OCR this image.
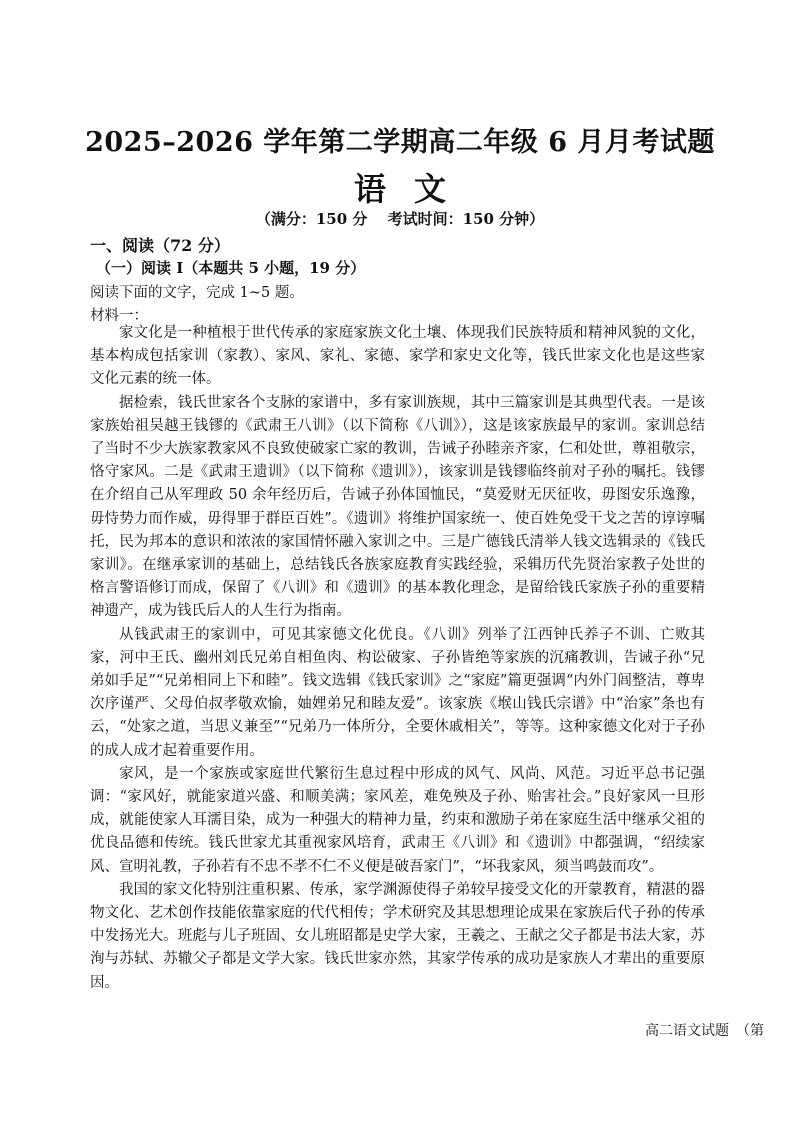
2025–2026 学年第二学期高二年级 6 月月考试题
语文
（满分：150 分　 考试时间：150 分钟）
一、阅读（72 分）
（一）阅读 I（本题共 5 小题，19 分）
阅读下面的文字，完成 1~5 题。
材料一：

家文化是一种植根于世代传承的家庭家族文化土壤、体现我们民族特质和精神风貌的文化，基本构成包括家训（家教）、家风、家礼、家德、家学和家史文化等，钱氏世家文化也是这些家文化元素的统一体。

据检索，钱氏世家各个支脉的家谱中，多有家训族规，其中三篇家训是其典型代表。一是该家族始祖吴越王钱镠的《武肃王八训》（以下简称《八训》），这是该家族最早的家训。家训总结了当时不少大族家教家风不良致使破家亡家的教训，告诫子孙睦亲齐家，仁和处世，尊祖敬宗，恪守家风。二是《武肃王遗训》（以下简称《遗训》），该家训是钱镠临终前对子孙的嘱托。钱镠在介绍自己从军理政 50 余年经历后，告诫子孙体国恤民，“莫爱财无厌征收，毋图安乐逸豫，毋恃势力而作威，毋得罪于群臣百姓”。《遗训》将维护国家统一、使百姓免受干戈之苦的谆谆嘱托，民为邦本的意识和浓浓的家国情怀融入家训之中。三是广德钱氏清举人钱文选辑录的《钱氏家训》。在继承家训的基础上，总结钱氏各族家庭教育实践经验，采辑历代先贤治家教子处世的格言警语修订而成，保留了《八训》和《遗训》的基本教化理念，是留给钱氏家族子孙的重要精神遗产，成为钱氏后人的人生行为指南。

从钱武肃王的家训中，可见其家德文化优良。《八训》列举了江西钟氏养子不训、亡败其家，河中王氏、幽州刘氏兄弟自相鱼肉、构讼破家、子孙皆绝等家族的沉痛教训，告诫子孙“兄弟如手足”“兄弟相同上下和睦”。钱文选辑《钱氏家训》之“家庭”篇更强调“内外门闾整洁，尊卑次序谨严、父母伯叔孝敬欢愉，妯娌弟兄和睦友爱”。该家族《堠山钱氏宗谱》中“治家”条也有云，“处家之道，当思义兼至”“兄弟乃一体所分，全要休戚相关”，等等。这种家德文化对于子孙的成人成才起着重要作用。

家风，是一个家族或家庭世代繁衍生息过程中形成的风气、风尚、风范。习近平总书记强调：“家风好，就能家道兴盛、和顺美满；家风差，难免殃及子孙、贻害社会。”良好家风一旦形成，就能使家人耳濡目染，成为一种强大的精神力量，约束和激励子弟在家庭生活中继承父祖的优良品德和传统。钱氏世家尤其重视家风培育，武肃王《八训》和《遗训》中都强调，“绍续家风、宣明礼教，子孙若有不忠不孝不仁不义便是破吾家门”，“坏我家风，须当鸣鼓而攻”。

我国的家文化特别注重积累、传承，家学渊源使得子弟较早接受文化的开蒙教育，精湛的器物文化、艺术创作技能依靠家庭的代代相传；学术研究及其思想理论成果在家族后代子孙的传承中发扬光大。班彪与儿子班固、女儿班昭都是史学大家，王羲之、王献之父子都是书法大家，苏洵与苏轼、苏辙父子都是文学大家。钱氏世家亦然，其家学传承的成功是家族人才辈出的重要原因。

高二语文试题　（第
